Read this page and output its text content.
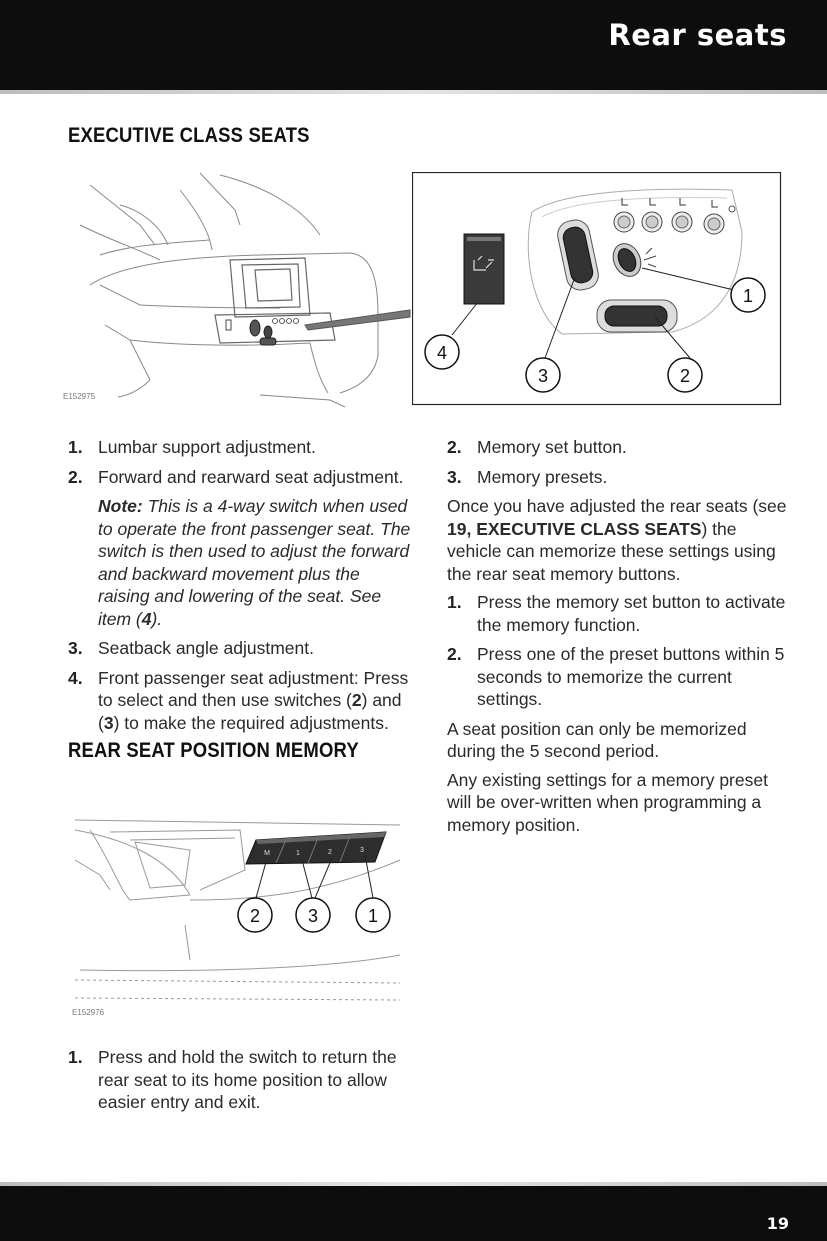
Rear seats
EXECUTIVE CLASS SEATS
E152975
1
2
3
4
1. Lumbar support adjustment.
2. Forward and rearward seat adjustment.
Note: This is a 4-way switch when used to operate the front passenger seat. The switch is then used to adjust the forward and backward movement plus the raising and lowering of the seat. See item (4).
3. Seatback angle adjustment.
4. Front passenger seat adjustment: Press to select and then use switches (2) and (3) to make the required adjustments.
REAR SEAT POSITION MEMORY
M	1	2	3
2	3	1
E152976
1. Press and hold the switch to return the rear seat to its home position to allow easier entry and exit.
2. Memory set button.
3. Memory presets.

Once you have adjusted the rear seats (see 19, EXECUTIVE CLASS SEATS) the vehicle can memorize these settings using the rear seat memory buttons.

1. Press the memory set button to activate the memory function.
2. Press one of the preset buttons within 5 seconds to memorize the current settings.

A seat position can only be memorized during the 5 second period.

Any existing settings for a memory preset will be over-written when programming a memory position.

19
